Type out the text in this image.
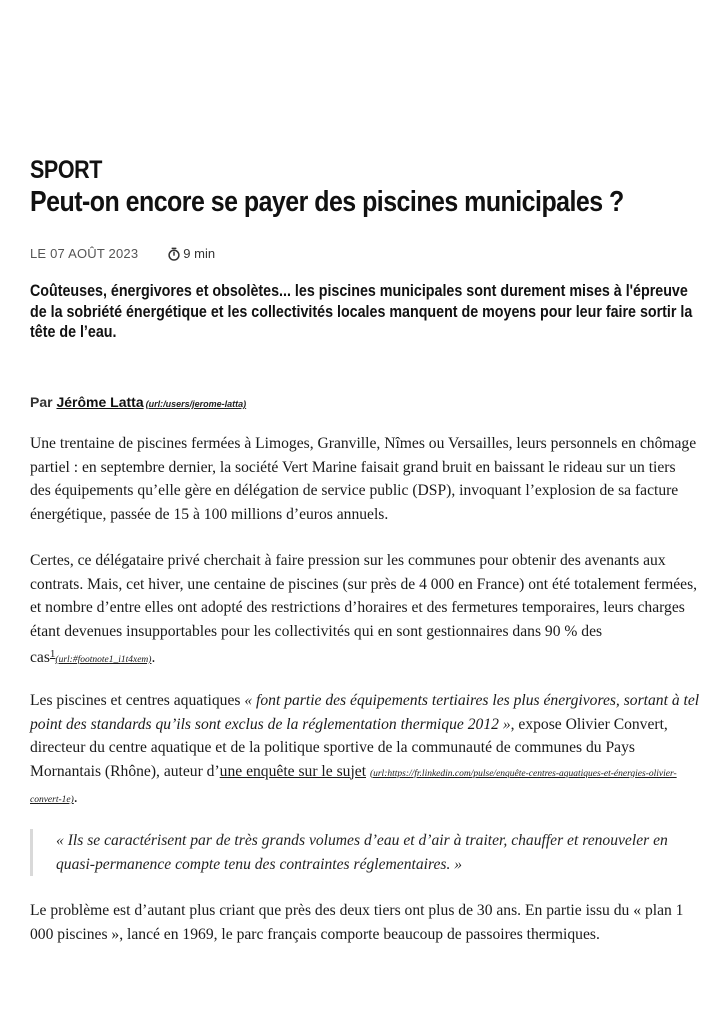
SPORT
Peut-on encore se payer des piscines municipales ?
LE 07 AOÛT 2023	9 min

Coûteuses, énergivores et obsolètes... les piscines municipales sont durement mises à l'épreuve de la sobriété énergétique et les collectivités locales manquent de moyens pour leur faire sortir la tête de l’eau.

Par Jérôme Latta (url:/users/jerome-latta)

Une trentaine de piscines fermées à Limoges, Granville, Nîmes ou Versailles, leurs personnels en chômage partiel : en septembre dernier, la société Vert Marine faisait grand bruit en baissant le rideau sur un tiers des équipements qu’elle gère en délégation de service public (DSP), invoquant l’explosion de sa facture énergétique, passée de 15 à 100 millions d’euros annuels.

Certes, ce délégataire privé cherchait à faire pression sur les communes pour obtenir des avenants aux contrats. Mais, cet hiver, une centaine de piscines (sur près de 4 000 en France) ont été totalement fermées, et nombre d’entre elles ont adopté des restrictions d’horaires et des fermetures temporaires, leurs charges étant devenues insupportables pour les collectivités qui en sont gestionnaires dans 90 % des cas$^1$(url:#footnote1_i1t4xem).

Les piscines et centres aquatiques « font partie des équipements tertiaires les plus énergivores, sortant à tel point des standards qu’ils sont exclus de la réglementation thermique 2012 », expose Olivier Convert, directeur du centre aquatique et de la politique sportive de la communauté de communes du Pays Mornantais (Rhône), auteur d’une enquête sur le sujet (url:https://fr.linkedin.com/pulse/enquête-centres-aquatiques-et-énergies-olivier-convert-1e).

« Ils se caractérisent par de très grands volumes d’eau et d’air à traiter, chauffer et renouveler en quasi-permanence compte tenu des contraintes réglementaires. »

Le problème est d’autant plus criant que près des deux tiers ont plus de 30 ans. En partie issu du « plan 1 000 piscines », lancé en 1969, le parc français comporte beaucoup de passoires thermiques.
